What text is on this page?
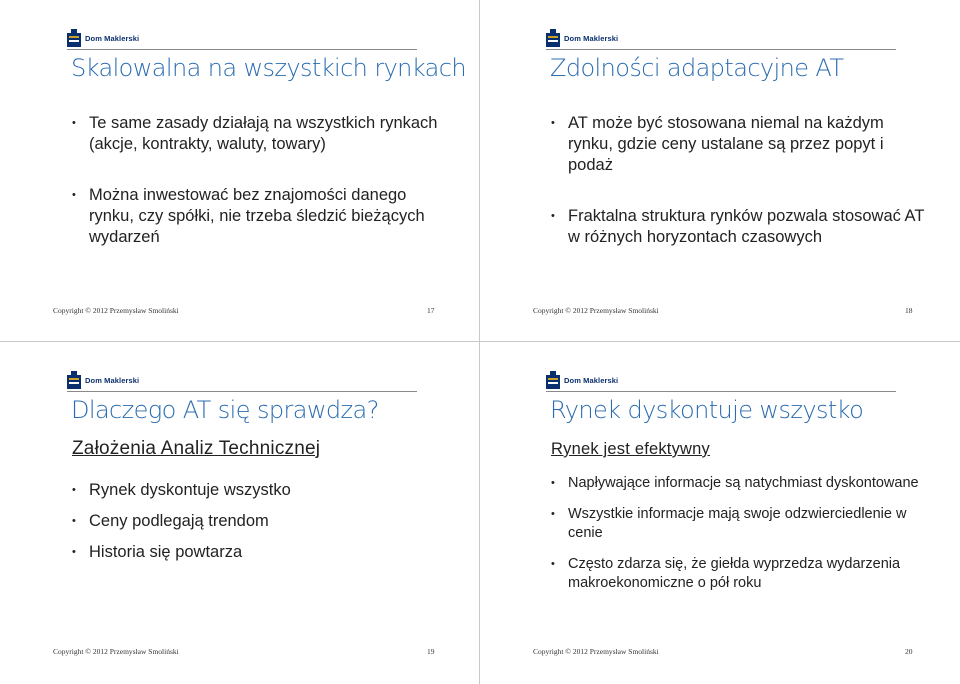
Dom Maklerski
Skalowalna na wszystkich rynkach
• Te same zasady działają na wszystkich rynkach (akcje, kontrakty, waluty, towary)
• Można inwestować bez znajomości danego rynku, czy spółki, nie trzeba śledzić bieżących wydarzeń
Copyright © 2012 Przemysław Smoliński	17
Dom Maklerski
Zdolności adaptacyjne AT
• AT może być stosowana niemal na każdym rynku, gdzie ceny ustalane są przez popyt i podaż
• Fraktalna struktura rynków pozwala stosować AT w różnych horyzontach czasowych
Copyright © 2012 Przemysław Smoliński	18
Dom Maklerski
Dlaczego AT się sprawdza?
Założenia Analiz Technicznej
• Rynek dyskontuje wszystko
• Ceny podlegają trendom
• Historia się powtarza
Copyright © 2012 Przemysław Smoliński	19
Dom Maklerski
Rynek dyskontuje wszystko
Rynek jest efektywny
• Napływające informacje są natychmiast dyskontowane
• Wszystkie informacje mają swoje odzwierciedlenie w cenie
• Często zdarza się, że giełda wyprzedza wydarzenia makroekonomiczne o pół roku
Copyright © 2012 Przemysław Smoliński	20
